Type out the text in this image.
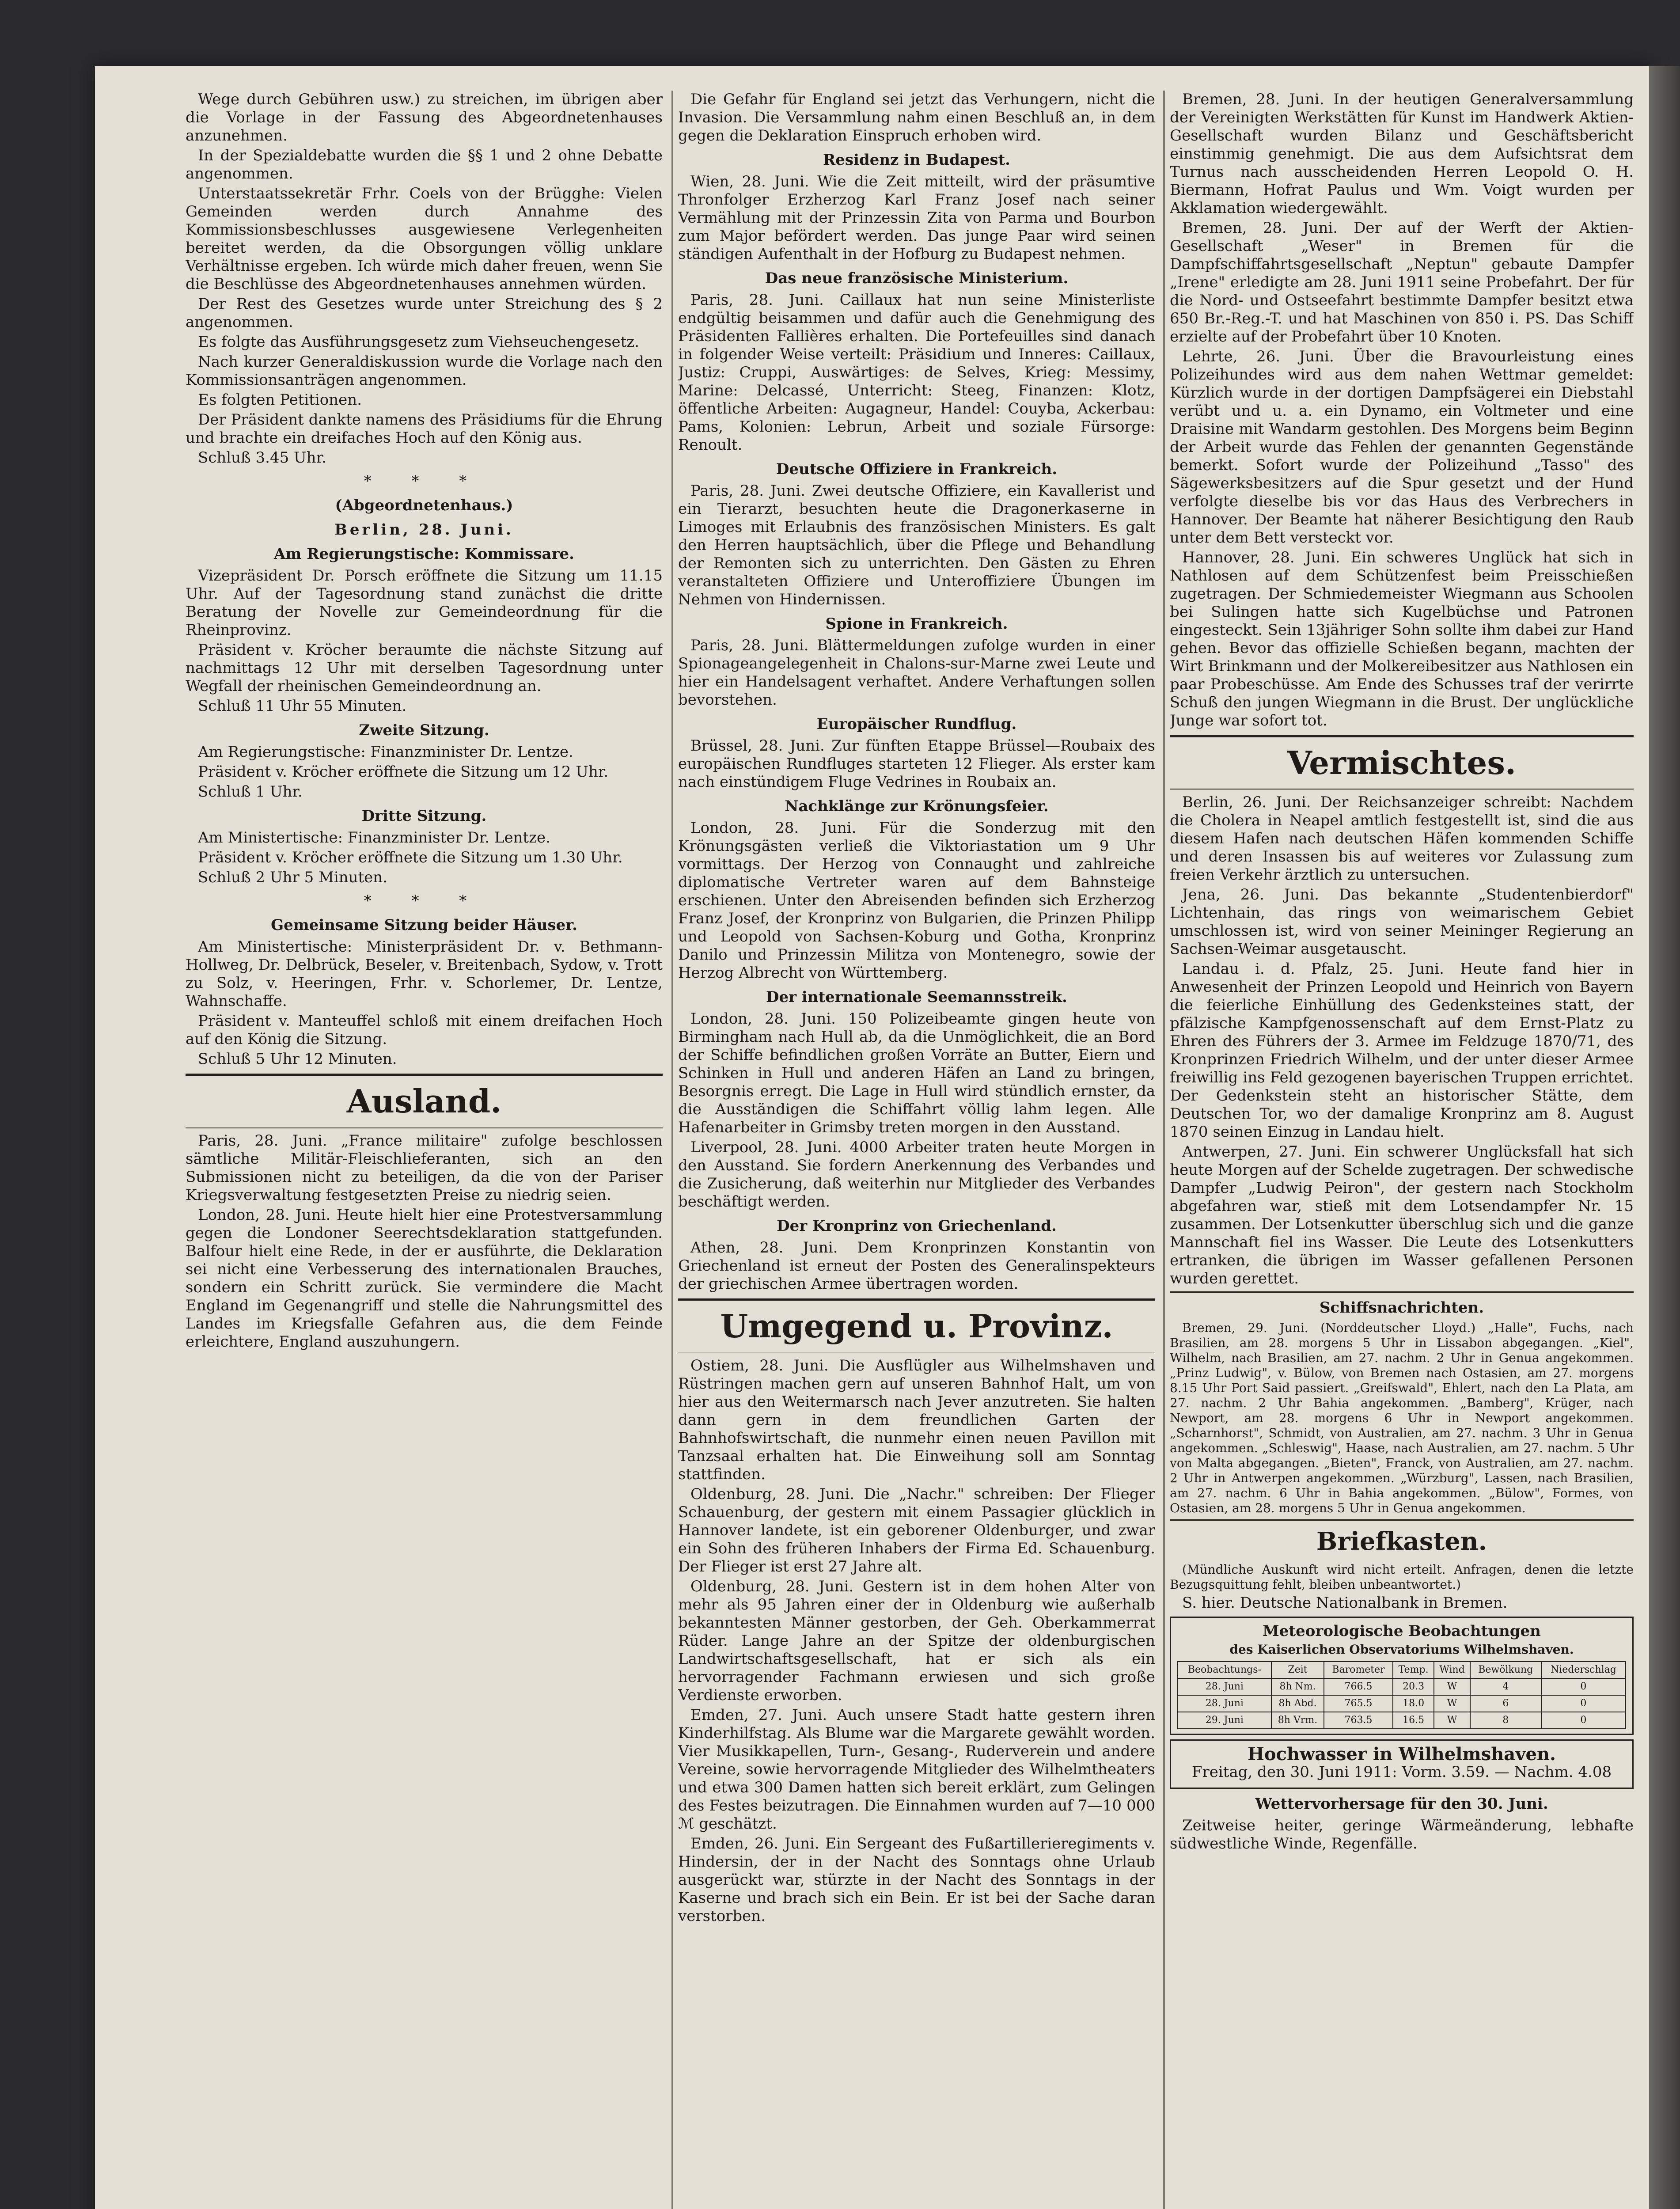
Wege durch Gebühren usw.) zu streichen, im übrigen aber die Vorlage in der Fassung des Abgeordnetenhauses anzunehmen.

In der Spezialdebatte wurden die §§ 1 und 2 ohne Debatte angenommen.

Unterstaatssekretär Frhr. Coels von der Brügghe: Vielen Gemeinden werden durch Annahme des Kommissionsbeschlusses ausgewiesene Verlegenheiten bereitet werden, da die Obsorgungen völlig unklare Verhältnisse ergeben. Ich würde mich daher freuen, wenn Sie die Beschlüsse des Abgeordnetenhauses annehmen würden.

Der Rest des Gesetzes wurde unter Streichung des § 2 angenommen.

Es folgte das Ausführungsgesetz zum Viehseuchengesetz.

Nach kurzer Generaldiskussion wurde die Vorlage nach den Kommissionsanträgen angenommen.

Es folgten Petitionen.

Der Präsident dankte namens des Präsidiums für die Ehrung und brachte ein dreifaches Hoch auf den König aus.

Schluß 3.45 Uhr.

* * *
(Abgeordnetenhaus.)
Berlin, 28. Juni.
Am Regierungstische: Kommissare.

Vizepräsident Dr. Porsch eröffnete die Sitzung um 11.15 Uhr. Auf der Tagesordnung stand zunächst die dritte Beratung der Novelle zur Gemeindeordnung für die Rheinprovinz.

Präsident v. Kröcher beraumte die nächste Sitzung auf nachmittags 12 Uhr mit derselben Tagesordnung unter Wegfall der rheinischen Gemeindeordnung an.

Schluß 11 Uhr 55 Minuten.

Zweite Sitzung.

Am Regierungstische: Finanzminister Dr. Lentze.

Präsident v. Kröcher eröffnete die Sitzung um 12 Uhr.

Schluß 1 Uhr.

Dritte Sitzung.

Am Ministertische: Finanzminister Dr. Lentze.

Präsident v. Kröcher eröffnete die Sitzung um 1.30 Uhr.

Schluß 2 Uhr 5 Minuten.

* * *
Gemeinsame Sitzung beider Häuser.

Am Ministertische: Ministerpräsident Dr. v. Bethmann-Hollweg, Dr. Delbrück, Beseler, v. Breitenbach, Sydow, v. Trott zu Solz, v. Heeringen, Frhr. v. Schorlemer, Dr. Lentze, Wahnschaffe.

Präsident v. Manteuffel schloß mit einem dreifachen Hoch auf den König die Sitzung.

Schluß 5 Uhr 12 Minuten.

Ausland.

Paris, 28. Juni. „France militaire" zufolge beschlossen sämtliche Militär-Fleischlieferanten, sich an den Submissionen nicht zu beteiligen, da die von der Pariser Kriegsverwaltung festgesetzten Preise zu niedrig seien.

London, 28. Juni. Heute hielt hier eine Protestversammlung gegen die Londoner Seerechtsdeklaration stattgefunden. Balfour hielt eine Rede, in der er ausführte, die Deklaration sei nicht eine Verbesserung des internationalen Brauches, sondern ein Schritt zurück. Sie vermindere die Macht England im Gegenangriff und stelle die Nahrungsmittel des Landes im Kriegsfalle Gefahren aus, die dem Feinde erleichtere, England auszuhungern.

Die Gefahr für England sei jetzt das Verhungern, nicht die Invasion. Die Versammlung nahm einen Beschluß an, in dem gegen die Deklaration Einspruch erhoben wird.

Residenz in Budapest.

Wien, 28. Juni. Wie die Zeit mitteilt, wird der präsumtive Thronfolger Erzherzog Karl Franz Josef nach seiner Vermählung mit der Prinzessin Zita von Parma und Bourbon zum Major befördert werden. Das junge Paar wird seinen ständigen Aufenthalt in der Hofburg zu Budapest nehmen.

Das neue französische Ministerium.

Paris, 28. Juni. Caillaux hat nun seine Ministerliste endgültig beisammen und dafür auch die Genehmigung des Präsidenten Fallières erhalten. Die Portefeuilles sind danach in folgender Weise verteilt: Präsidium und Inneres: Caillaux, Justiz: Cruppi, Auswärtiges: de Selves, Krieg: Messimy, Marine: Delcassé, Unterricht: Steeg, Finanzen: Klotz, öffentliche Arbeiten: Augagneur, Handel: Couyba, Ackerbau: Pams, Kolonien: Lebrun, Arbeit und soziale Fürsorge: Renoult.

Deutsche Offiziere in Frankreich.

Paris, 28. Juni. Zwei deutsche Offiziere, ein Kavallerist und ein Tierarzt, besuchten heute die Dragonerkaserne in Limoges mit Erlaubnis des französischen Ministers. Es galt den Herren hauptsächlich, über die Pflege und Behandlung der Remonten sich zu unterrichten. Den Gästen zu Ehren veranstalteten Offiziere und Unteroffiziere Übungen im Nehmen von Hindernissen.

Spione in Frankreich.

Paris, 28. Juni. Blättermeldungen zufolge wurden in einer Spionageangelegenheit in Chalons-sur-Marne zwei Leute und hier ein Handelsagent verhaftet. Andere Verhaftungen sollen bevorstehen.

Europäischer Rundflug.

Brüssel, 28. Juni. Zur fünften Etappe Brüssel—Roubaix des europäischen Rundfluges starteten 12 Flieger. Als erster kam nach einstündigem Fluge Vedrines in Roubaix an.

Nachklänge zur Krönungsfeier.

London, 28. Juni. Für die Sonderzug mit den Krönungsgästen verließ die Viktoriastation um 9 Uhr vormittags. Der Herzog von Connaught und zahlreiche diplomatische Vertreter waren auf dem Bahnsteige erschienen. Unter den Abreisenden befinden sich Erzherzog Franz Josef, der Kronprinz von Bulgarien, die Prinzen Philipp und Leopold von Sachsen-Koburg und Gotha, Kronprinz Danilo und Prinzessin Militza von Montenegro, sowie der Herzog Albrecht von Württemberg.

Der internationale Seemannsstreik.

London, 28. Juni. 150 Polizeibeamte gingen heute von Birmingham nach Hull ab, da die Unmöglichkeit, die an Bord der Schiffe befindlichen großen Vorräte an Butter, Eiern und Schinken in Hull und anderen Häfen an Land zu bringen, Besorgnis erregt. Die Lage in Hull wird stündlich ernster, da die Ausständigen die Schiffahrt völlig lahm legen. Alle Hafenarbeiter in Grimsby treten morgen in den Ausstand.

Liverpool, 28. Juni. 4000 Arbeiter traten heute Morgen in den Ausstand. Sie fordern Anerkennung des Verbandes und die Zusicherung, daß weiterhin nur Mitglieder des Verbandes beschäftigt werden.

Der Kronprinz von Griechenland.

Athen, 28. Juni. Dem Kronprinzen Konstantin von Griechenland ist erneut der Posten des Generalinspekteurs der griechischen Armee übertragen worden.

Umgegend u. Provinz.

Ostiem, 28. Juni. Die Ausflügler aus Wilhelmshaven und Rüstringen machen gern auf unseren Bahnhof Halt, um von hier aus den Weitermarsch nach Jever anzutreten. Sie halten dann gern in dem freundlichen Garten der Bahnhofswirtschaft, die nunmehr einen neuen Pavillon mit Tanzsaal erhalten hat. Die Einweihung soll am Sonntag stattfinden.

Oldenburg, 28. Juni. Die „Nachr." schreiben: Der Flieger Schauenburg, der gestern mit einem Passagier glücklich in Hannover landete, ist ein geborener Oldenburger, und zwar ein Sohn des früheren Inhabers der Firma Ed. Schauenburg. Der Flieger ist erst 27 Jahre alt.

Oldenburg, 28. Juni. Gestern ist in dem hohen Alter von mehr als 95 Jahren einer der in Oldenburg wie außerhalb bekanntesten Männer gestorben, der Geh. Oberkammerrat Rüder. Lange Jahre an der Spitze der oldenburgischen Landwirtschaftsgesellschaft, hat er sich als ein hervorragender Fachmann erwiesen und sich große Verdienste erworben.

Emden, 27. Juni. Auch unsere Stadt hatte gestern ihren Kinderhilfstag. Als Blume war die Margarete gewählt worden. Vier Musikkapellen, Turn-, Gesang-, Ruderverein und andere Vereine, sowie hervorragende Mitglieder des Wilhelmtheaters und etwa 300 Damen hatten sich bereit erklärt, zum Gelingen des Festes beizutragen. Die Einnahmen wurden auf 7—10 000 ℳ geschätzt.

Emden, 26. Juni. Ein Sergeant des Fußartillerieregiments v. Hindersin, der in der Nacht des Sonntags ohne Urlaub ausgerückt war, stürzte in der Nacht des Sonntags in der Kaserne und brach sich ein Bein. Er ist bei der Sache daran verstorben.

Bremen, 28. Juni. In der heutigen Generalversammlung der Vereinigten Werkstätten für Kunst im Handwerk Aktien-Gesellschaft wurden Bilanz und Geschäftsbericht einstimmig genehmigt. Die aus dem Aufsichtsrat dem Turnus nach ausscheidenden Herren Leopold O. H. Biermann, Hofrat Paulus und Wm. Voigt wurden per Akklamation wiedergewählt.

Bremen, 28. Juni. Der auf der Werft der Aktien-Gesellschaft „Weser" in Bremen für die Dampfschiffahrtsgesellschaft „Neptun" gebaute Dampfer „Irene" erledigte am 28. Juni 1911 seine Probefahrt. Der für die Nord- und Ostseefahrt bestimmte Dampfer besitzt etwa 650 Br.-Reg.-T. und hat Maschinen von 850 i. PS. Das Schiff erzielte auf der Probefahrt über 10 Knoten.

Lehrte, 26. Juni. Über die Bravourleistung eines Polizeihundes wird aus dem nahen Wettmar gemeldet: Kürzlich wurde in der dortigen Dampfsägerei ein Diebstahl verübt und u. a. ein Dynamo, ein Voltmeter und eine Draisine mit Wandarm gestohlen. Des Morgens beim Beginn der Arbeit wurde das Fehlen der genannten Gegenstände bemerkt. Sofort wurde der Polizeihund „Tasso" des Sägewerksbesitzers auf die Spur gesetzt und der Hund verfolgte dieselbe bis vor das Haus des Verbrechers in Hannover. Der Beamte hat näherer Besichtigung den Raub unter dem Bett versteckt vor.

Hannover, 28. Juni. Ein schweres Unglück hat sich in Nathlosen auf dem Schützenfest beim Preisschießen zugetragen. Der Schmiedemeister Wiegmann aus Schoolen bei Sulingen hatte sich Kugelbüchse und Patronen eingesteckt. Sein 13jähriger Sohn sollte ihm dabei zur Hand gehen. Bevor das offizielle Schießen begann, machten der Wirt Brinkmann und der Molkereibesitzer aus Nathlosen ein paar Probeschüsse. Am Ende des Schusses traf der verirrte Schuß den jungen Wiegmann in die Brust. Der unglückliche Junge war sofort tot.

Vermischtes.

Berlin, 26. Juni. Der Reichsanzeiger schreibt: Nachdem die Cholera in Neapel amtlich festgestellt ist, sind die aus diesem Hafen nach deutschen Häfen kommenden Schiffe und deren Insassen bis auf weiteres vor Zulassung zum freien Verkehr ärztlich zu untersuchen.

Jena, 26. Juni. Das bekannte „Studentenbierdorf" Lichtenhain, das rings von weimarischem Gebiet umschlossen ist, wird von seiner Meininger Regierung an Sachsen-Weimar ausgetauscht.

Landau i. d. Pfalz, 25. Juni. Heute fand hier in Anwesenheit der Prinzen Leopold und Heinrich von Bayern die feierliche Einhüllung des Gedenksteines statt, der pfälzische Kampfgenossenschaft auf dem Ernst-Platz zu Ehren des Führers der 3. Armee im Feldzuge 1870/71, des Kronprinzen Friedrich Wilhelm, und der unter dieser Armee freiwillig ins Feld gezogenen bayerischen Truppen errichtet. Der Gedenkstein steht an historischer Stätte, dem Deutschen Tor, wo der damalige Kronprinz am 8. August 1870 seinen Einzug in Landau hielt.

Antwerpen, 27. Juni. Ein schwerer Unglücksfall hat sich heute Morgen auf der Schelde zugetragen. Der schwedische Dampfer „Ludwig Peiron", der gestern nach Stockholm abgefahren war, stieß mit dem Lotsendampfer Nr. 15 zusammen. Der Lotsenkutter überschlug sich und die ganze Mannschaft fiel ins Wasser. Die Leute des Lotsenkutters ertranken, die übrigen im Wasser gefallenen Personen wurden gerettet.

Schiffsnachrichten.

Bremen, 29. Juni. (Norddeutscher Lloyd.) „Halle", Fuchs, nach Brasilien, am 28. morgens 5 Uhr in Lissabon abgegangen. „Kiel", Wilhelm, nach Brasilien, am 27. nachm. 2 Uhr in Genua angekommen. „Prinz Ludwig", v. Bülow, von Bremen nach Ostasien, am 27. morgens 8.15 Uhr Port Said passiert. „Greifswald", Ehlert, nach den La Plata, am 27. nachm. 2 Uhr Bahia angekommen. „Bamberg", Krüger, nach Newport, am 28. morgens 6 Uhr in Newport angekommen. „Scharnhorst", Schmidt, von Australien, am 27. nachm. 3 Uhr in Genua angekommen. „Schleswig", Haase, nach Australien, am 27. nachm. 5 Uhr von Malta abgegangen. „Bieten", Franck, von Australien, am 27. nachm. 2 Uhr in Antwerpen angekommen. „Würzburg", Lassen, nach Brasilien, am 27. nachm. 6 Uhr in Bahia angekommen. „Bülow", Formes, von Ostasien, am 28. morgens 5 Uhr in Genua angekommen.

Briefkasten.

(Mündliche Auskunft wird nicht erteilt. Anfragen, denen die letzte Bezugsquittung fehlt, bleiben unbeantwortet.)

S. hier. Deutsche Nationalbank in Bremen.

Meteorologische Beobachtungen
des Kaiserlichen Observatoriums Wilhelmshaven.
Beobachtungs-	Zeit	Barometer	Temp.	Wind	Bewölkung	Niederschlag
28. Juni	8h Nm.	766.5	20.3	W	4	0
28. Juni	8h Abd.	765.5	18.0	W	6	0
29. Juni	8h Vrm.	763.5	16.5	W	8	0
Hochwasser in Wilhelmshaven.

Freitag, den 30. Juni 1911: Vorm. 3.59. — Nachm. 4.08

Wettervorhersage für den 30. Juni.

Zeitweise heiter, geringe Wärmeänderung, lebhafte südwestliche Winde, Regenfälle.
